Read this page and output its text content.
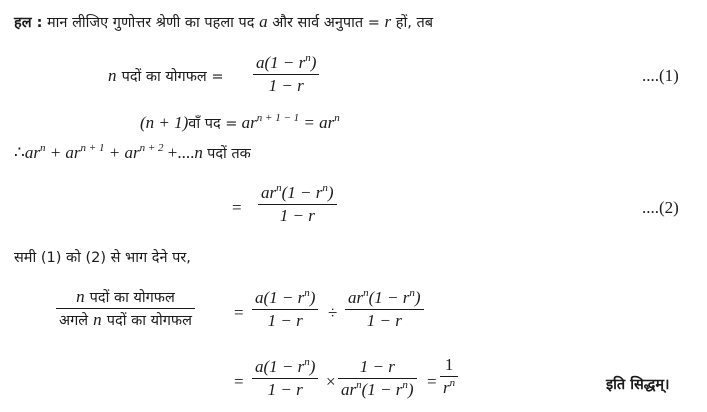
हल : मान लीजिए गुणोत्तर श्रेणी का पहला पद a और सार्व अनुपात = r हों, तब
n पदों का योगफल =
$a(1 - r^n)$
1 − r
....(1)
(n + 1)वाँ पद = $ar^{n + 1 - 1} = ar^n$
$\therefore ar^n + ar^{n + 1} + ar^{n + 2} +....n$ पदों तक
=
$ar^n(1 - r^n)$
1 − r	....(2)
समी (1) को (2) से भाग देने पर,
n पदों का योगफल
अगले n पदों का योगफल =
$a(1 - r^n)$
1 − r ÷
$ar^n(1 - r^n)$
1 − r
=
$a(1 - r^n)$
1 − r ×
1 − r
$ar^n(1 - r^n)$ =
1
$r^n$	इति सिद्धम्।
